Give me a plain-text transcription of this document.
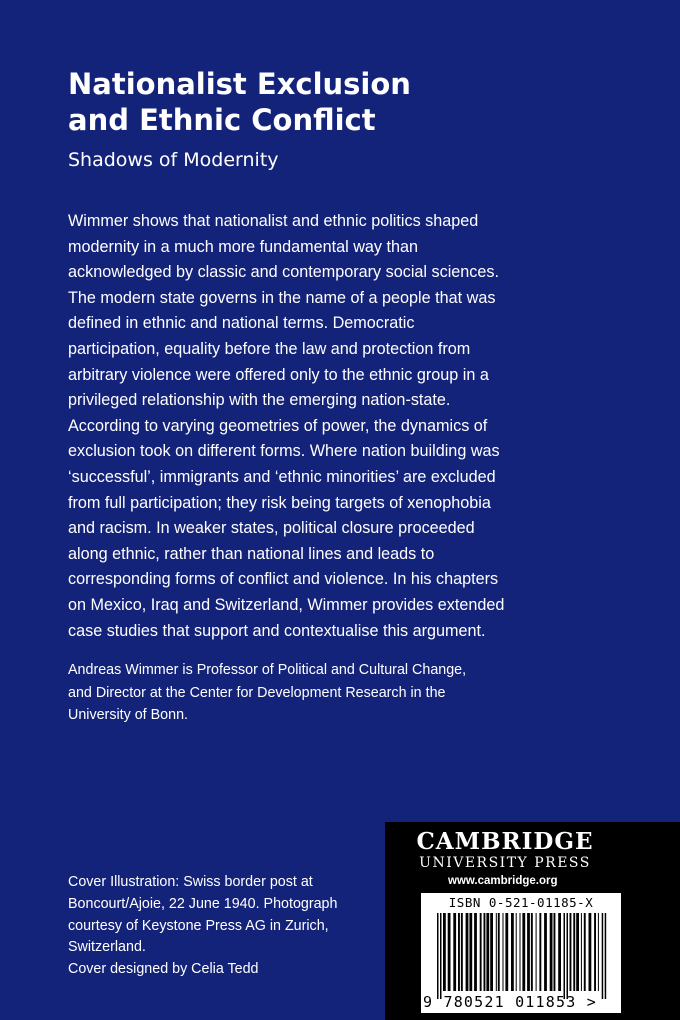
Nationalist Exclusion
and Ethnic Conflict

Shadows of Modernity

Wimmer shows that nationalist and ethnic politics shaped
modernity in a much more fundamental way than
acknowledged by classic and contemporary social sciences.
The modern state governs in the name of a people that was
defined in ethnic and national terms. Democratic
participation, equality before the law and protection from
arbitrary violence were offered only to the ethnic group in a
privileged relationship with the emerging nation-state.
According to varying geometries of power, the dynamics of
exclusion took on different forms. Where nation building was
‘successful’, immigrants and ‘ethnic minorities’ are excluded
from full participation; they risk being targets of xenophobia
and racism. In weaker states, political closure proceeded
along ethnic, rather than national lines and leads to
corresponding forms of conflict and violence. In his chapters
on Mexico, Iraq and Switzerland, Wimmer provides extended
case studies that support and contextualise this argument.

Andreas Wimmer is Professor of Political and Cultural Change,
and Director at the Center for Development Research in the
University of Bonn.

Cover Illustration: Swiss border post at
Boncourt/Ajoie, 22 June 1940. Photograph
courtesy of Keystone Press AG in Zurich,
Switzerland.
Cover designed by Celia Tedd

CAMBRIDGE
UNIVERSITY PRESS
www.cambridge.org
ISBN 0-521-01185-X
9 780521 011853 >
